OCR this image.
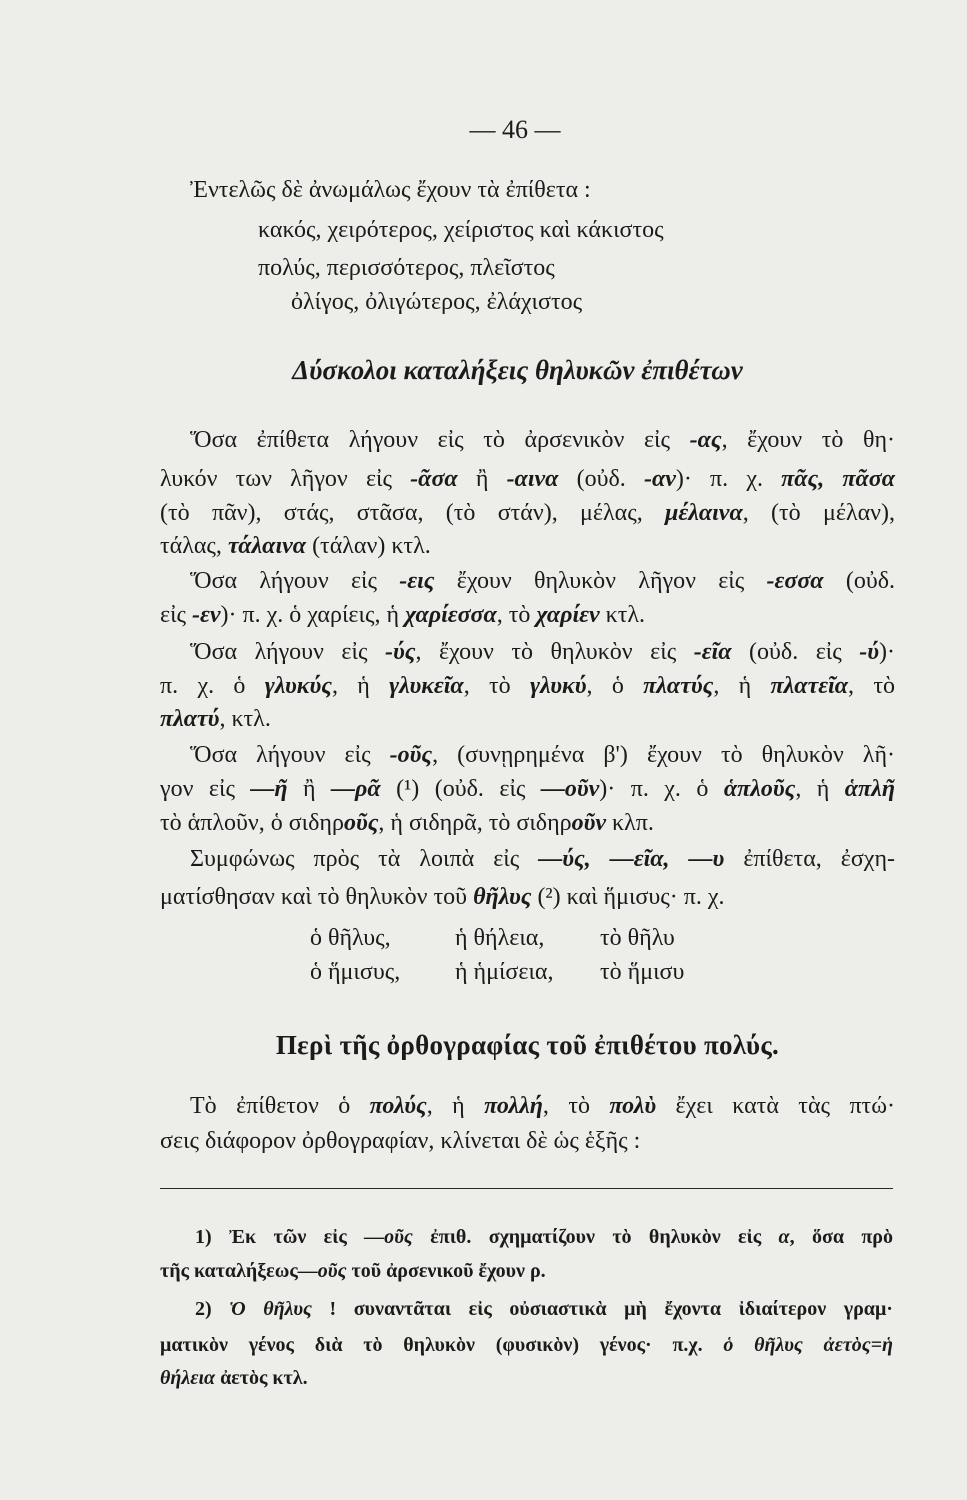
— 46 —
Ἐντελῶς δὲ ἀνωμάλως ἔχουν τὰ ἐπίθετα :
κακός, χειρότερος, χείριστος καὶ κάκιστος
πολύς, περισσότερος, πλεῖστος
ὀλίγος, ὀλιγώτερος, ἐλάχιστος
Δύσκολοι καταλήξεις θηλυκῶν ἐπιθέτων
Ὅσα ἐπίθετα λήγουν εἰς τὸ ἀρσενικὸν εἰς -ας, ἔχουν τὸ θη·
λυκόν των λῆγον εἰς -ᾶσα ἢ -αινα (οὐδ. -αν)· π. χ. πᾶς, πᾶσα
(τὸ πᾶν), στάς, στᾶσα, (τὸ στάν), μέλας, μέλαινα, (τὸ μέλαν),
τάλας, τάλαινα (τάλαν) κτλ.
Ὅσα λήγουν εἰς -εις ἔχουν θηλυκὸν λῆγον εἰς -εσσα (οὐδ.
εἰς -εν)· π. χ. ὁ χαρίεις, ἡ χαρίεσσα, τὸ χαρίεν κτλ.
Ὅσα λήγουν εἰς -ύς, ἔχουν τὸ θηλυκὸν εἰς -εῖα (οὐδ. εἰς -ύ)·
π. χ. ὁ γλυκύς, ἡ γλυκεῖα, τὸ γλυκύ, ὁ πλατύς, ἡ πλατεῖα, τὸ
πλατύ, κτλ.
Ὅσα λήγουν εἰς -οῦς, (συνῃρημένα β') ἔχουν τὸ θηλυκὸν λῆ·
γον εἰς —ῆ ἢ —ρᾶ (¹) (οὐδ. εἰς —οῦν)· π. χ. ὁ ἁπλοῦς, ἡ ἁπλῆ
τὸ ἁπλοῦν, ὁ σιδηροῦς, ἡ σιδηρᾶ, τὸ σιδηροῦν κλπ.
Συμφώνως πρὸς τὰ λοιπὰ εἰς —ύς, —εῖα, —υ ἐπίθετα, ἐσχη-
ματίσθησαν καὶ τὸ θηλυκὸν τοῦ θῆλυς (²) καὶ ἥμισυς· π. χ.
ὁ θῆλυς,	ἡ θήλεια, τὸ θῆλυ
ὁ ἥμισυς, ἡ ἡμίσεια, τὸ ἥμισυ
Περὶ τῆς ὀρθογραφίας τοῦ ἐπιθέτου πολύς.
Τὸ ἐπίθετον ὁ πολύς, ἡ πολλή, τὸ πολὺ ἔχει κατὰ τὰς πτώ·
σεις διάφορον ὀρθογραφίαν, κλίνεται δὲ ὡς ἑξῆς :
1) Ἐκ τῶν εἰς —οῦς ἐπιθ. σχηματίζουν τὸ θηλυκὸν εἰς α, ὅσα πρὸ
τῆς καταλήξεως—οῦς τοῦ ἀρσενικοῦ ἔχουν ρ.
2) Ὁ θῆλυς ! συναντᾶται εἰς οὐσιαστικὰ μὴ ἔχοντα ἰδιαίτερον γραμ·
ματικὸν γένος διὰ τὸ θηλυκὸν (φυσικὸν) γένος· π.χ. ὁ θῆλυς ἀετὸς=ἡ
θήλεια ἀετὸς κτλ.
